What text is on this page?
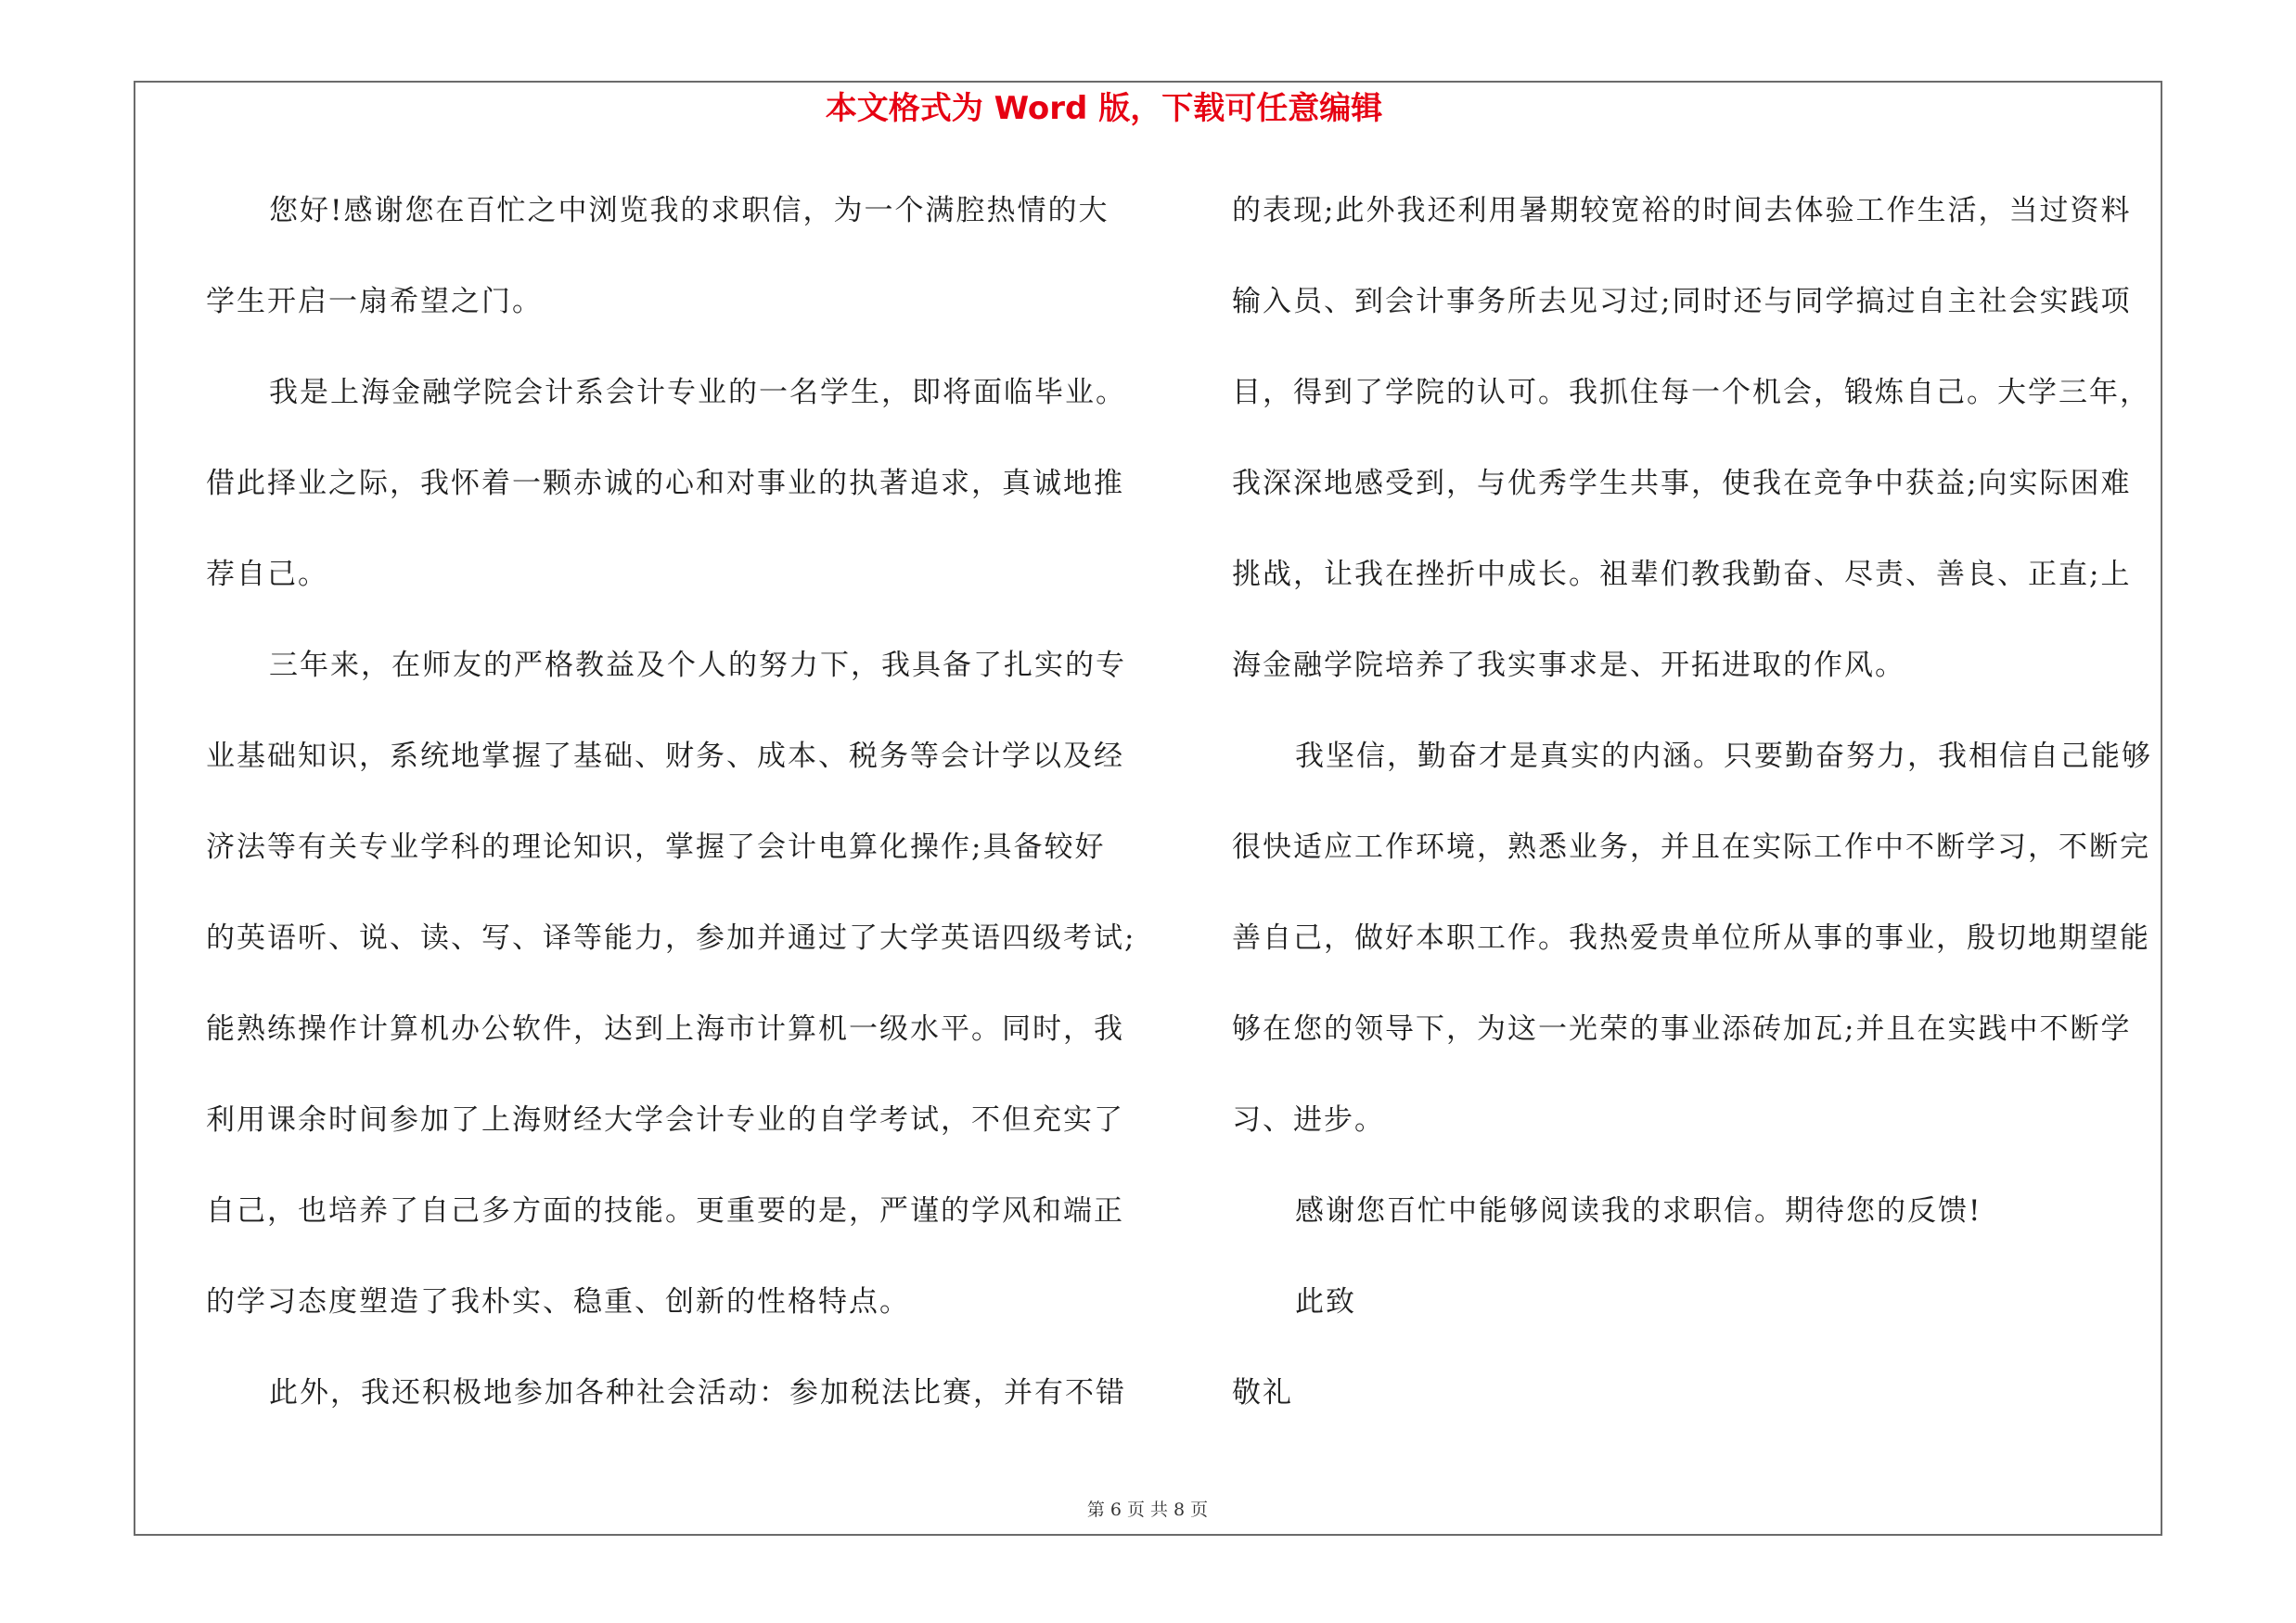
本文格式为 Word 版，下载可任意编辑
您好!感谢您在百忙之中浏览我的求职信，为一个满腔热情的大
学生开启一扇希望之门。
我是上海金融学院会计系会计专业的一名学生，即将面临毕业。
借此择业之际，我怀着一颗赤诚的心和对事业的执著追求，真诚地推
荐自己。
三年来，在师友的严格教益及个人的努力下，我具备了扎实的专
业基础知识，系统地掌握了基础、财务、成本、税务等会计学以及经
济法等有关专业学科的理论知识，掌握了会计电算化操作;具备较好
的英语听、说、读、写、译等能力，参加并通过了大学英语四级考试;
能熟练操作计算机办公软件，达到上海市计算机一级水平。同时，我
利用课余时间参加了上海财经大学会计专业的自学考试，不但充实了
自己，也培养了自己多方面的技能。更重要的是，严谨的学风和端正
的学习态度塑造了我朴实、稳重、创新的性格特点。
此外，我还积极地参加各种社会活动：参加税法比赛，并有不错
的表现;此外我还利用暑期较宽裕的时间去体验工作生活，当过资料
输入员、到会计事务所去见习过;同时还与同学搞过自主社会实践项
目，得到了学院的认可。我抓住每一个机会，锻炼自己。大学三年，
我深深地感受到，与优秀学生共事，使我在竞争中获益;向实际困难
挑战，让我在挫折中成长。祖辈们教我勤奋、尽责、善良、正直;上
海金融学院培养了我实事求是、开拓进取的作风。
我坚信，勤奋才是真实的内涵。只要勤奋努力，我相信自己能够
很快适应工作环境，熟悉业务，并且在实际工作中不断学习，不断完
善自己，做好本职工作。我热爱贵单位所从事的事业，殷切地期望能
够在您的领导下，为这一光荣的事业添砖加瓦;并且在实践中不断学
习、进步。
感谢您百忙中能够阅读我的求职信。期待您的反馈!
此致
敬礼
第 6 页 共 8 页
